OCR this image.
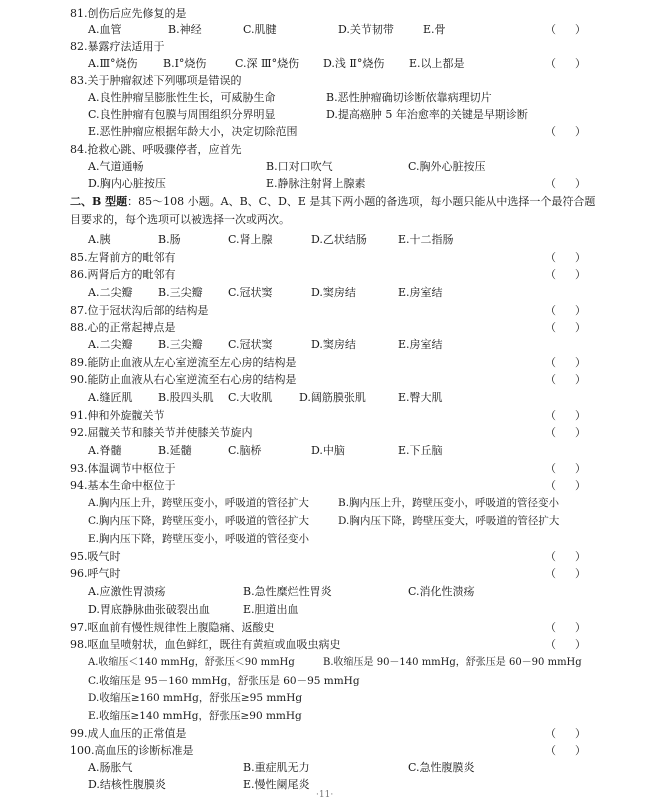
81.创伤后应先修复的是
A.血管	B.神经	C.肌腱	D.关节韧带	E.骨	（ ）
82.暴露疗法适用于
A.Ⅲ°烧伤 B.Ⅰ°烧伤	C.深 Ⅲ°烧伤 D.浅 Ⅱ°烧伤 E.以上都是	（ ）
83.关于肿瘤叙述下列哪项是错误的
A.良性肿瘤呈膨胀性生长，可威胁生命	B.恶性肿瘤确切诊断依靠病理切片
C.良性肿瘤有包膜与周围组织分界明显	D.提高癌肿 5 年治愈率的关键是早期诊断
E.恶性肿瘤应根据年龄大小，决定切除范围	（ ）
84.抢救心跳、呼吸骤停者，应首先
A.气道通畅	B.口对口吹气	C.胸外心脏按压
D.胸内心脏按压	E.静脉注射肾上腺素	（ ）
二、B 型题：85～108 小题。A、B、C、D、E 是其下两小题的备选项，每小题只能从中选择一个最符合题
目要求的，每个选项可以被选择一次或两次。
A.胰	B.肠	C.肾上腺	D.乙状结肠	E.十二指肠
85.左肾前方的毗邻有	（ ）
86.两肾后方的毗邻有	（ ）
A.二尖瓣 B.三尖瓣 C.冠状窦	D.窦房结	E.房室结
87.位于冠状沟后部的结构是	（ ）
88.心的正常起搏点是	（ ）
A.二尖瓣 B.三尖瓣 C.冠状窦	D.窦房结	E.房室结
89.能防止血液从左心室逆流至左心房的结构是	（ ）
90.能防止血液从右心室逆流至右心房的结构是	（ ）
A.缝匠肌 B.股四头肌 C.大收肌 D.阔筋膜张肌	E.臀大肌
91.伸和外旋髋关节	（ ）
92.屈髋关节和膝关节并使膝关节旋内	（ ）
A.脊髓	B.延髓	C.脑桥	D.中脑	E.下丘脑
93.体温调节中枢位于	（ ）
94.基本生命中枢位于	（ ）
A.胸内压上升，跨壁压变小，呼吸道的管径扩大	B.胸内压上升，跨壁压变小，呼吸道的管径变小
C.胸内压下降，跨壁压变小，呼吸道的管径扩大	D.胸内压下降，跨壁压变大，呼吸道的管径扩大
E.胸内压下降，跨壁压变小，呼吸道的管径变小
95.吸气时	（ ）
96.呼气时	（ ）
A.应激性胃溃疡	B.急性糜烂性胃炎	C.消化性溃疡
D.胃底静脉曲张破裂出血	E.胆道出血
97.呕血前有慢性规律性上腹隐痛、返酸史	（ ）
98.呕血呈喷射状，血色鲜红，既往有黄疸或血吸虫病史	（ ）
A.收缩压＜140 mmHg，舒张压＜90 mmHg	B.收缩压是 90－140 mmHg，舒张压是 60－90 mmHg
C.收缩压是 95－160 mmHg，舒张压是 60－95 mmHg
D.收缩压≥160 mmHg，舒张压≥95 mmHg
E.收缩压≥140 mmHg，舒张压≥90 mmHg
99.成人血压的正常值是	（ ）
100.高血压的诊断标准是	（ ）
A.肠胀气	B.重症肌无力	C.急性腹膜炎
D.结核性腹膜炎	E.慢性阑尾炎
·11·
